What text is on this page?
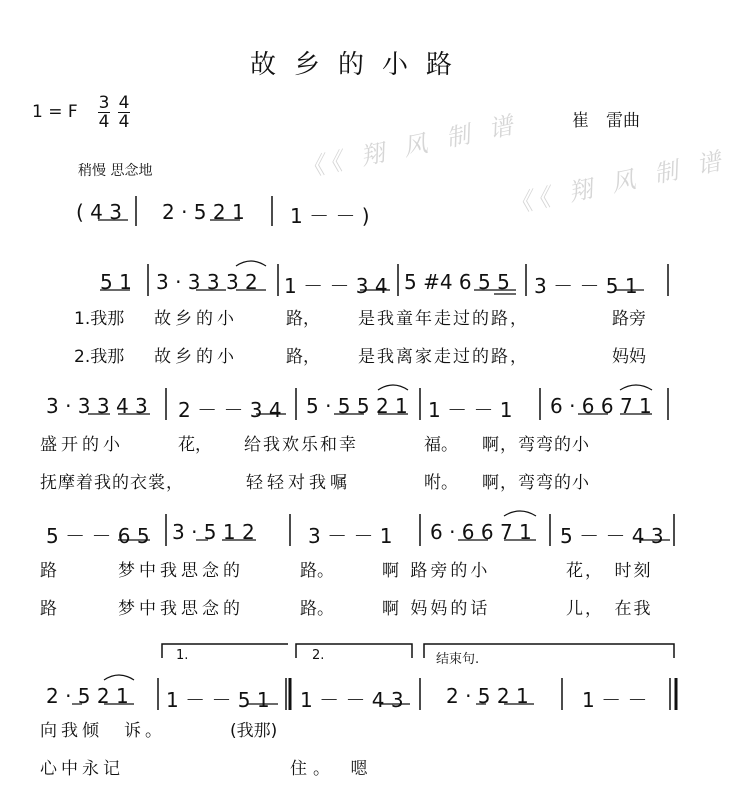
故乡的小路
1 = F 3
4
4
4	崔　雷曲
《《 翔 风 制 谱
《《 翔 风 制 谱
稍慢 思念地
( 4 3 2 · 5 2 1 1 － － )
5 1 3 · 3 3 3 2 1 － － 3 4 5 #4 6 5 5 3 － － 5 1
1.我那 故乡的小	路， 是我童年走过的路，	路旁
2.我那 故乡的小	路， 是我离家走过的路，	妈妈
3 · 3 3 4 3 2 － － 3 4 5 · 5 5 2 1 1 － － 1 6 · 6 6 7 1
盛开的小	花， 给我欢乐和幸	福。 啊，弯弯的小
抚摩着我的衣裳，	轻轻对我嘱	咐。 啊，弯弯的小
5 － － 6 5 3 · 5 1 2	3 － － 1 6 · 6 6 7 1 5 － － 4 3
路	梦中我思念的	路。	啊 路旁的小	花，　时刻
路	梦中我思念的	路。	啊 妈妈的话	儿，　在我
1.	2.	结束句.
2 · 5 2 1 1 － － 5 1 1 － － 4 3 2 · 5 2 1	1 － －
向我倾　诉。	(我那)
心中永记	住。　嗯
